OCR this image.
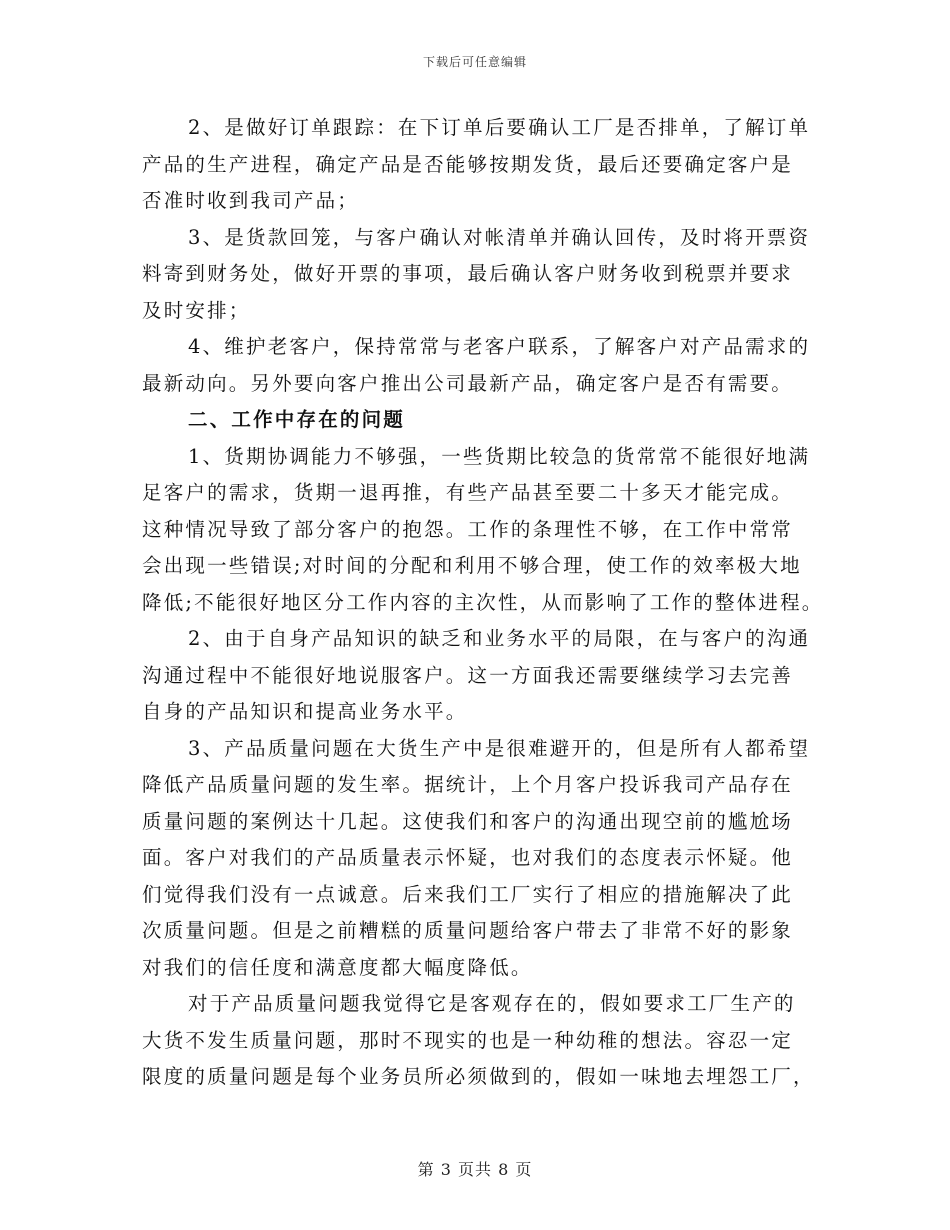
下载后可任意编辑
2、是做好订单跟踪：在下订单后要确认工厂是否排单，了解订单
产品的生产进程，确定产品是否能够按期发货，最后还要确定客户是
否准时收到我司产品；
3、是货款回笼，与客户确认对帐清单并确认回传，及时将开票资
料寄到财务处，做好开票的事项，最后确认客户财务收到税票并要求
及时安排；
4、维护老客户，保持常常与老客户联系，了解客户对产品需求的
最新动向。另外要向客户推出公司最新产品，确定客户是否有需要。
二、工作中存在的问题
1、货期协调能力不够强，一些货期比较急的货常常不能很好地满
足客户的需求，货期一退再推，有些产品甚至要二十多天才能完成。
这种情况导致了部分客户的抱怨。工作的条理性不够，在工作中常常
会出现一些错误;对时间的分配和利用不够合理，使工作的效率极大地
降低;不能很好地区分工作内容的主次性，从而影响了工作的整体进程。
2、由于自身产品知识的缺乏和业务水平的局限，在与客户的沟通
沟通过程中不能很好地说服客户。这一方面我还需要继续学习去完善
自身的产品知识和提高业务水平。
3、产品质量问题在大货生产中是很难避开的，但是所有人都希望
降低产品质量问题的发生率。据统计，上个月客户投诉我司产品存在
质量问题的案例达十几起。这使我们和客户的沟通出现空前的尴尬场
面。客户对我们的产品质量表示怀疑，也对我们的态度表示怀疑。他
们觉得我们没有一点诚意。后来我们工厂实行了相应的措施解决了此
次质量问题。但是之前糟糕的质量问题给客户带去了非常不好的影象
对我们的信任度和满意度都大幅度降低。
对于产品质量问题我觉得它是客观存在的，假如要求工厂生产的
大货不发生质量问题，那时不现实的也是一种幼稚的想法。容忍一定
限度的质量问题是每个业务员所必须做到的，假如一味地去埋怨工厂，
第 3 页共 8 页
